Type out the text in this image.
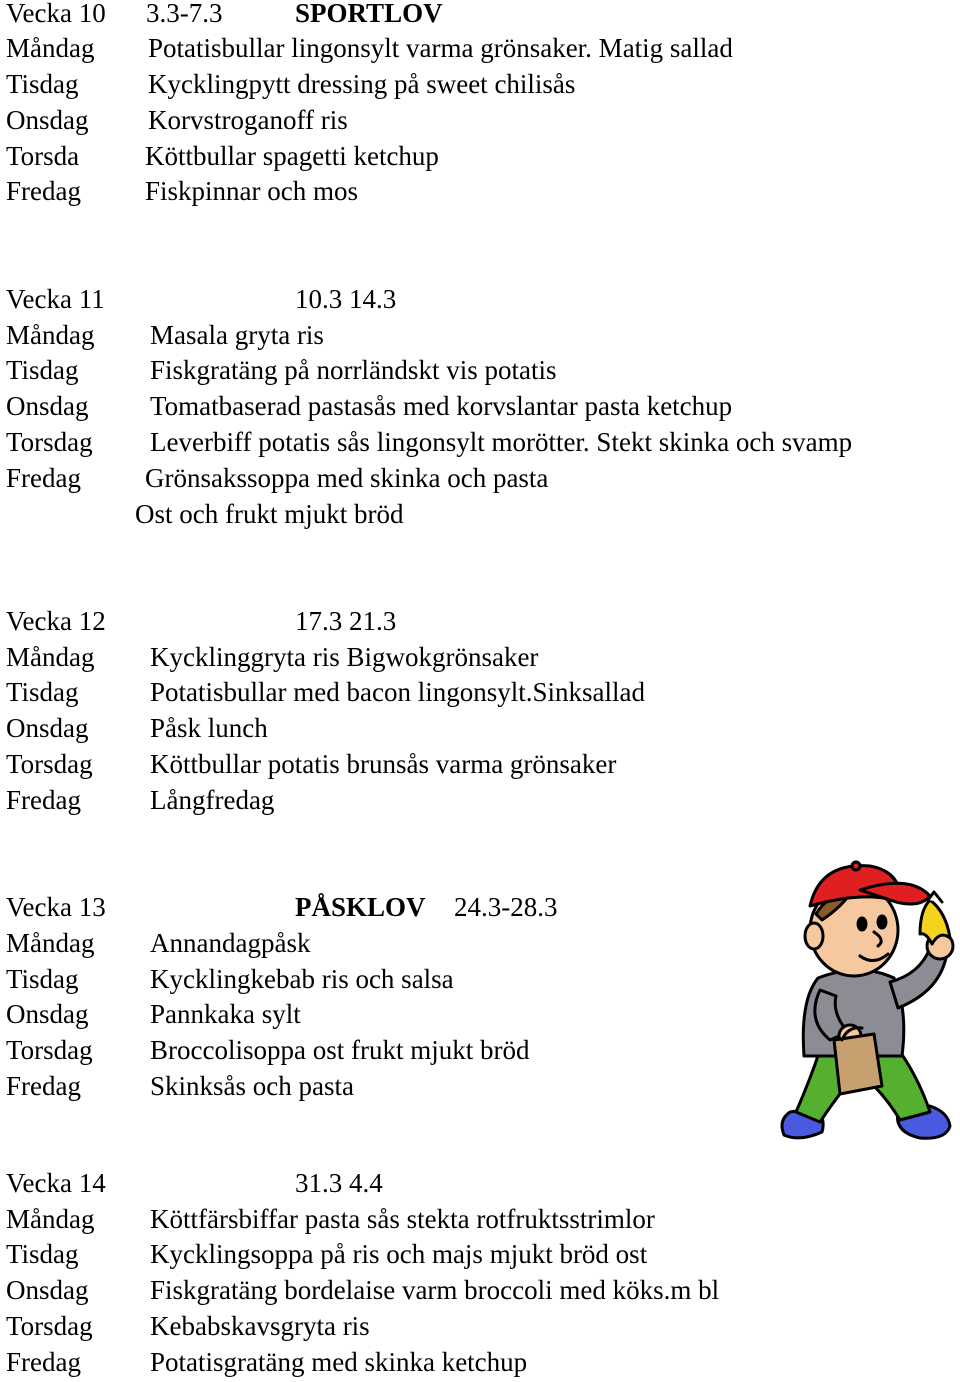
Vecka 10 3.3-7.3	SPORTLOV
Måndag Potatisbullar lingonsylt varma grönsaker. Matig sallad
Tisdag	Kycklingpytt dressing på sweet chilisås
Onsdag Korvstroganoff ris
Torsda Köttbullar spagetti ketchup
Fredag Fiskpinnar och mos
Vecka 11	10.3 14.3
Måndag Masala gryta ris
Tisdag	Fiskgratäng på norrländskt vis potatis
Onsdag Tomatbaserad pastasås med korvslantar pasta ketchup
Torsdag Leverbiff potatis sås lingonsylt morötter. Stekt skinka och svamp
Fredag Grönsakssoppa med skinka och pasta
Ost och frukt mjukt bröd
Vecka 12	17.3 21.3
Måndag Kycklinggryta ris Bigwokgrönsaker
Tisdag	Potatisbullar med bacon lingonsylt.Sinksallad
Onsdag Påsk lunch
Torsdag Köttbullar potatis brunsås varma grönsaker
Fredag	Långfredag
Vecka 13	PÅSKLOV 24.3-28.3
Måndag Annandagpåsk
Tisdag	Kycklingkebab ris och salsa
Onsdag Pannkaka sylt
Torsdag Broccolisoppa ost frukt mjukt bröd
Fredag	Skinksås och pasta
Vecka 14	31.3 4.4
Måndag Köttfärsbiffar pasta sås stekta rotfruktsstrimlor
Tisdag	Kycklingsoppa på ris och majs mjukt bröd ost
Onsdag Fiskgratäng bordelaise varm broccoli med köks.m bl
Torsdag Kebabskavsgryta ris
Fredag	Potatisgratäng med skinka ketchup
